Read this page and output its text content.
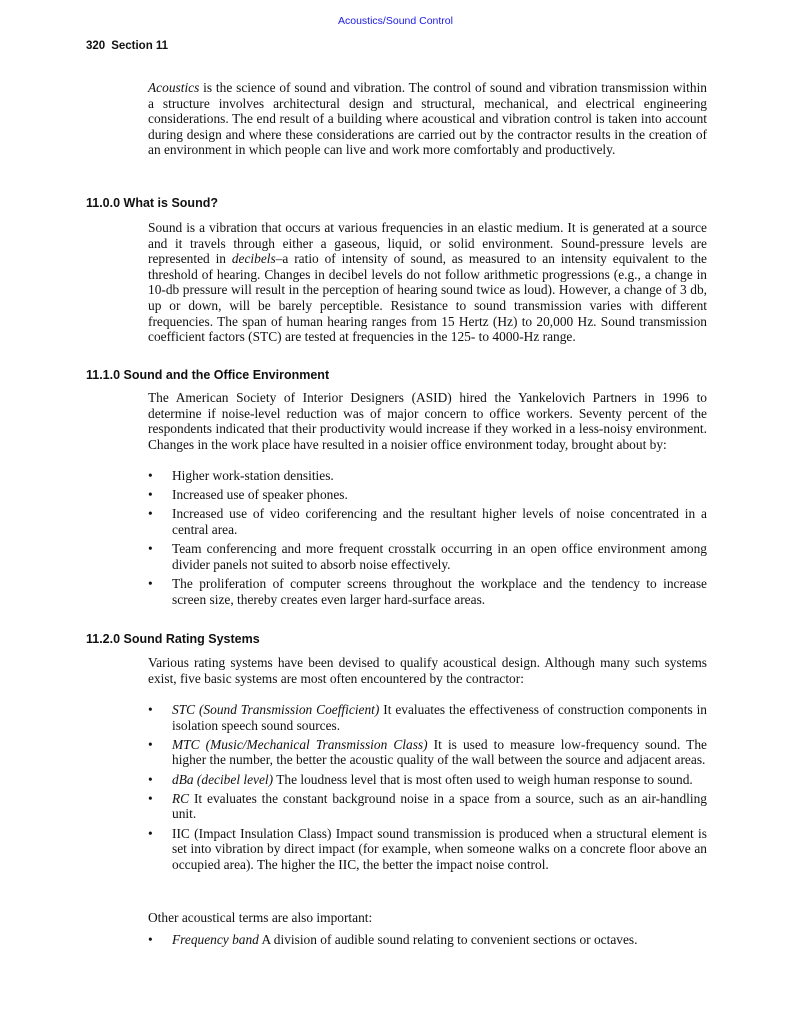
Acoustics/Sound Control
320 Section 11

Acoustics is the science of sound and vibration. The control of sound and vibration transmission within a structure involves architectural design and structural, mechanical, and electrical engineering considerations. The end result of a building where acoustical and vibration control is taken into account during design and where these considerations are carried out by the contractor results in the creation of an environment in which people can live and work more comfortably and productively.

11.0.0 What is Sound?

Sound is a vibration that occurs at various frequencies in an elastic medium. It is generated at a source and it travels through either a gaseous, liquid, or solid environment. Sound-pressure levels are represented in decibels–a ratio of intensity of sound, as measured to an intensity equivalent to the threshold of hearing. Changes in decibel levels do not follow arithmetic progressions (e.g., a change in 10-db pressure will result in the perception of hearing sound twice as loud). However, a change of 3 db, up or down, will be barely perceptible. Resistance to sound transmission varies with different frequencies. The span of human hearing ranges from 15 Hertz (Hz) to 20,000 Hz. Sound transmission coefficient factors (STC) are tested at frequencies in the 125- to 4000-Hz range.

11.1.0 Sound and the Office Environment

The American Society of Interior Designers (ASID) hired the Yankelovich Partners in 1996 to determine if noise-level reduction was of major concern to office workers. Seventy percent of the respondents indicated that their productivity would increase if they worked in a less-noisy environment. Changes in the work place have resulted in a noisier office environment today, brought about by:

• Higher work-station densities.
• Increased use of speaker phones.
• Increased use of video coriferencing and the resultant higher levels of noise concentrated in a central area.
• Team conferencing and more frequent crosstalk occurring in an open office environment among divider panels not suited to absorb noise effectively.
• The proliferation of computer screens throughout the workplace and the tendency to increase screen size, thereby creates even larger hard-surface areas.
11.2.0 Sound Rating Systems

Various rating systems have been devised to qualify acoustical design. Although many such systems exist, five basic systems are most often encountered by the contractor:

• STC (Sound Transmission Coefficient) It evaluates the effectiveness of construction components in isolation speech sound sources.
• MTC (Music/Mechanical Transmission Class) It is used to measure low-frequency sound. The higher the number, the better the acoustic quality of the wall between the source and adjacent areas.
• dBa (decibel level) The loudness level that is most often used to weigh human response to sound.
• RC It evaluates the constant background noise in a space from a source, such as an air-handling unit.
• IIC (Impact Insulation Class) Impact sound transmission is produced when a structural element is set into vibration by direct impact (for example, when someone walks on a concrete floor above an occupied area). The higher the IIC, the better the impact noise control.

Other acoustical terms are also important:

• Frequency band A division of audible sound relating to convenient sections or octaves.
